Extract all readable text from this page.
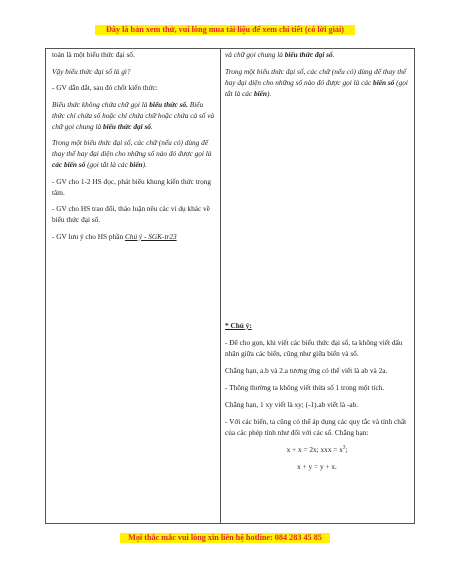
Đây là bản xem thử, vui lòng mua tài liệu để xem chi tiết (có lời giải)

toán là một biểu thức đại số.

Vậy biểu thức đại số là gì?

- GV dẫn dắt, sau đó chốt kiến thức:

Biểu thức không chứa chữ gọi là biểu thức số. Biểu thức chỉ chứa số hoặc chỉ chứa chữ hoặc chứa cả số và chữ gọi chung là biểu thức đại số.

Trong một biểu thức đại số, các chữ (nếu có) dùng để thay thế hay đại diện cho những số nào đó được gọi là các biến số (gọi tắt là các biến).

- GV cho 1-2 HS đọc, phát biểu khung kiến thức trọng tâm.

- GV cho HS trao đổi, thảo luận nêu các ví dụ khác về biểu thức đại số.

- GV lưu ý cho HS phần Chú ý - SGK-tr23

và chữ gọi chung là biểu thức đại số.

Trong một biểu thức đại số, các chữ (nếu có) dùng để thay thế hay đại diện cho những số nào đó được gọi là các biến số (gọi tắt là các biến).

* Chú ý:

- Để cho gọn, khi viết các biểu thức đại số, ta không viết dấu nhân giữa các biến, cũng như giữa biến và số.

Chẳng hạn, a.b và 2.a tương ứng có thể viết là ab và 2a.

- Thông thường ta không viết thừa số 1 trong một tích.

Chẳng hạn, 1 xy viết là xy; (-1).ab viết là -ab.

- Với các biến, ta cũng có thể áp dụng các quy tắc và tính chất của các phép tính như đối với các số. Chẳng hạn:

x + x = 2x; xxx = $x^3$;

x + y = y + x.

Mọi thắc mắc vui lòng xin liên hệ hotline: 084 283 45 85
